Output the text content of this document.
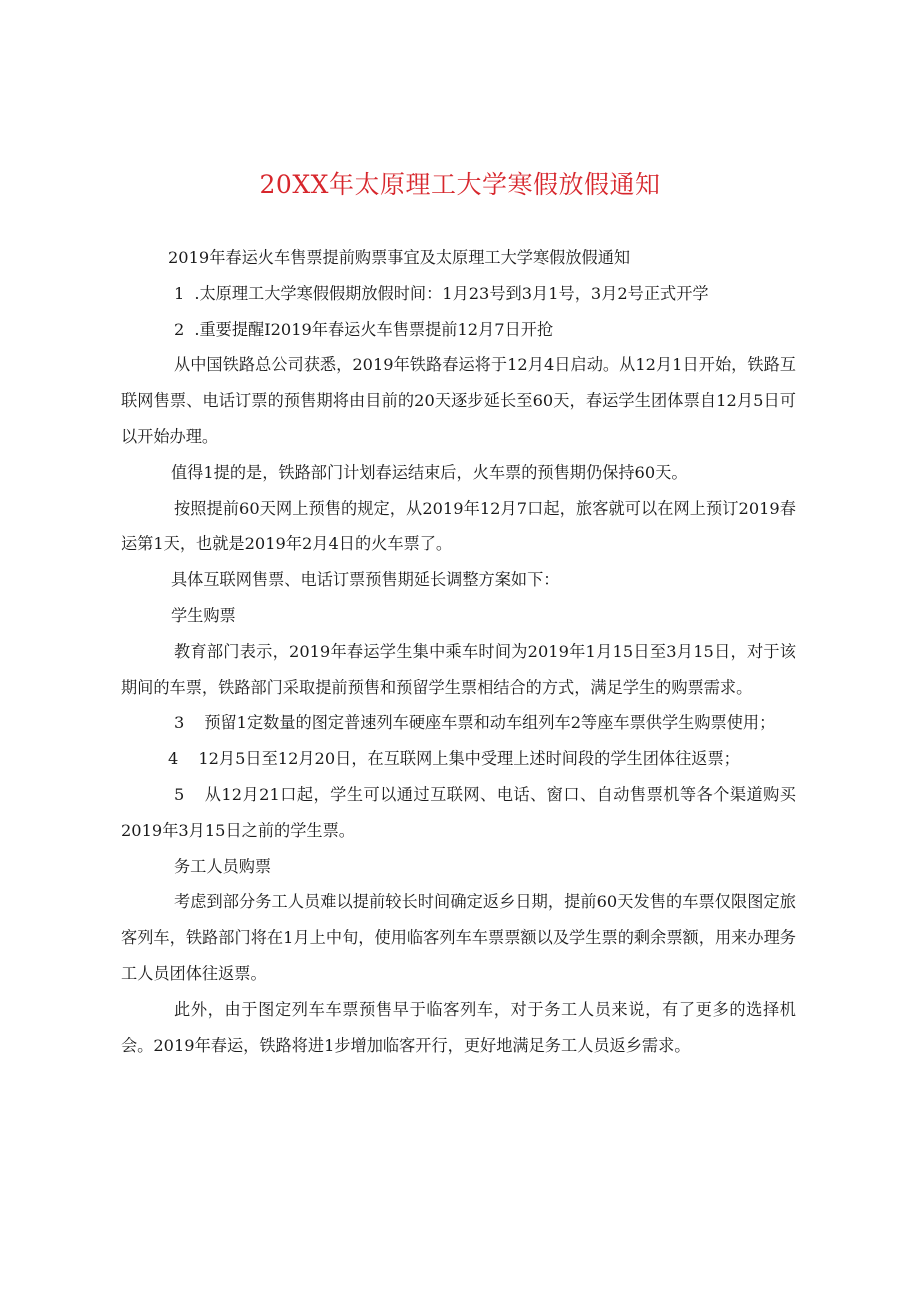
20XX年太原理工大学寒假放假通知

2019年春运火车售票提前购票事宜及太原理工大学寒假放假通知

1 .太原理工大学寒假假期放假时间：1月23号到3月1号，3月2号正式开学

2 .重要提醒I2019年春运火车售票提前12月7日开抢

从中国铁路总公司获悉，2019年铁路春运将于12月4日启动。从12月1日开始，铁路互联网售票、电话订票的预售期将由目前的20天逐步延长至60天，春运学生团体票自12月5日可以开始办理。

值得1提的是，铁路部门计划春运结束后，火车票的预售期仍保持60天。

按照提前60天网上预售的规定，从2019年12月7口起，旅客就可以在网上预订2019春运第1天，也就是2019年2月4日的火车票了。

具体互联网售票、电话订票预售期延长调整方案如下：

学生购票

教育部门表示，2019年春运学生集中乘车时间为2019年1月15日至3月15日，对于该期间的车票，铁路部门采取提前预售和预留学生票相结合的方式，满足学生的购票需求。

3 预留1定数量的图定普速列车硬座车票和动车组列车2等座车票供学生购票使用；

4 12月5日至12月20日，在互联网上集中受理上述时间段的学生团体往返票；

5 从12月21口起，学生可以通过互联网、电话、窗口、自动售票机等各个渠道购买2019年3月15日之前的学生票。

务工人员购票

考虑到部分务工人员难以提前较长时间确定返乡日期，提前60天发售的车票仅限图定旅客列车，铁路部门将在1月上中旬，使用临客列车车票票额以及学生票的剩余票额，用来办理务工人员团体往返票。

此外，由于图定列车车票预售早于临客列车，对于务工人员来说，有了更多的选择机会。2019年春运，铁路将进1步增加临客开行，更好地满足务工人员返乡需求。
